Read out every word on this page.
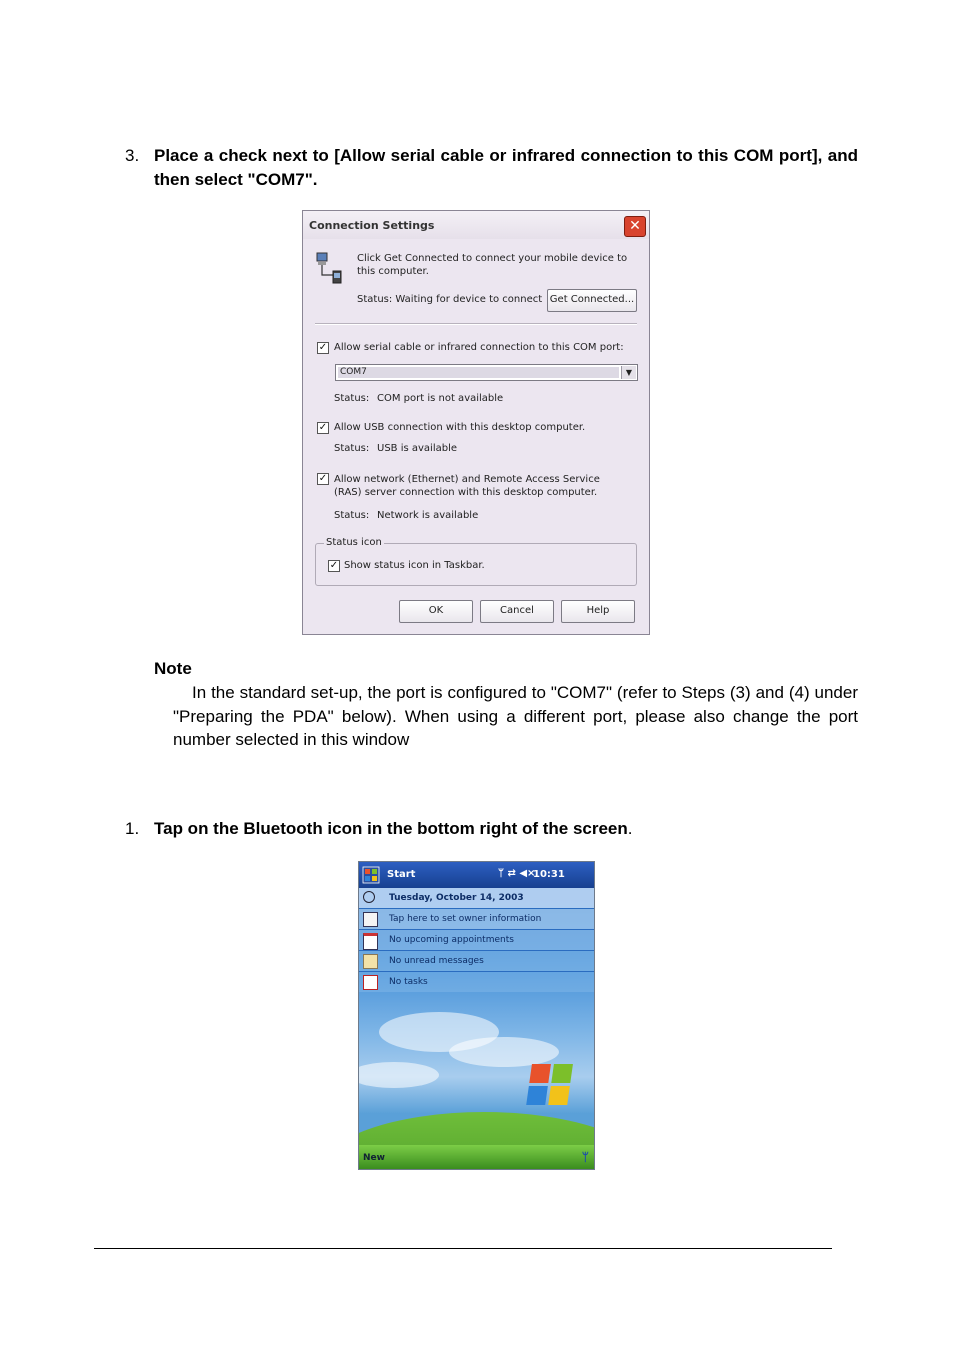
3. Place a check next to [Allow serial cable or infrared connection to this COM port], and then select "COM7".
Connection Settings	✕
Click Get Connected to connect your mobile device to this computer.
Status: Waiting for device to connect Get Connected...
✓ Allow serial cable or infrared connection to this COM port:
COM7	▼
Status: COM port is not available
✓ Allow USB connection with this desktop computer.
Status: USB is available
✓ Allow network (Ethernet) and Remote Access Service (RAS) server connection with this desktop computer.
Status: Network is available
Status icon
✓ Show status icon in Taskbar.
OK	Cancel	Help
Note
In the standard set-up, the port is configured to "COM7" (refer to Steps (3) and (4) under "Preparing the PDA" below). When using a different port, please also change the port number selected in this window
1. Tap on the Bluetooth icon in the bottom right of the screen.
Start	ᛘ ⇄ ◀×
10:31
Tuesday, October 14, 2003
Tap here to set owner information
No upcoming appointments
No unread messages
No tasks
New	ᛘ
